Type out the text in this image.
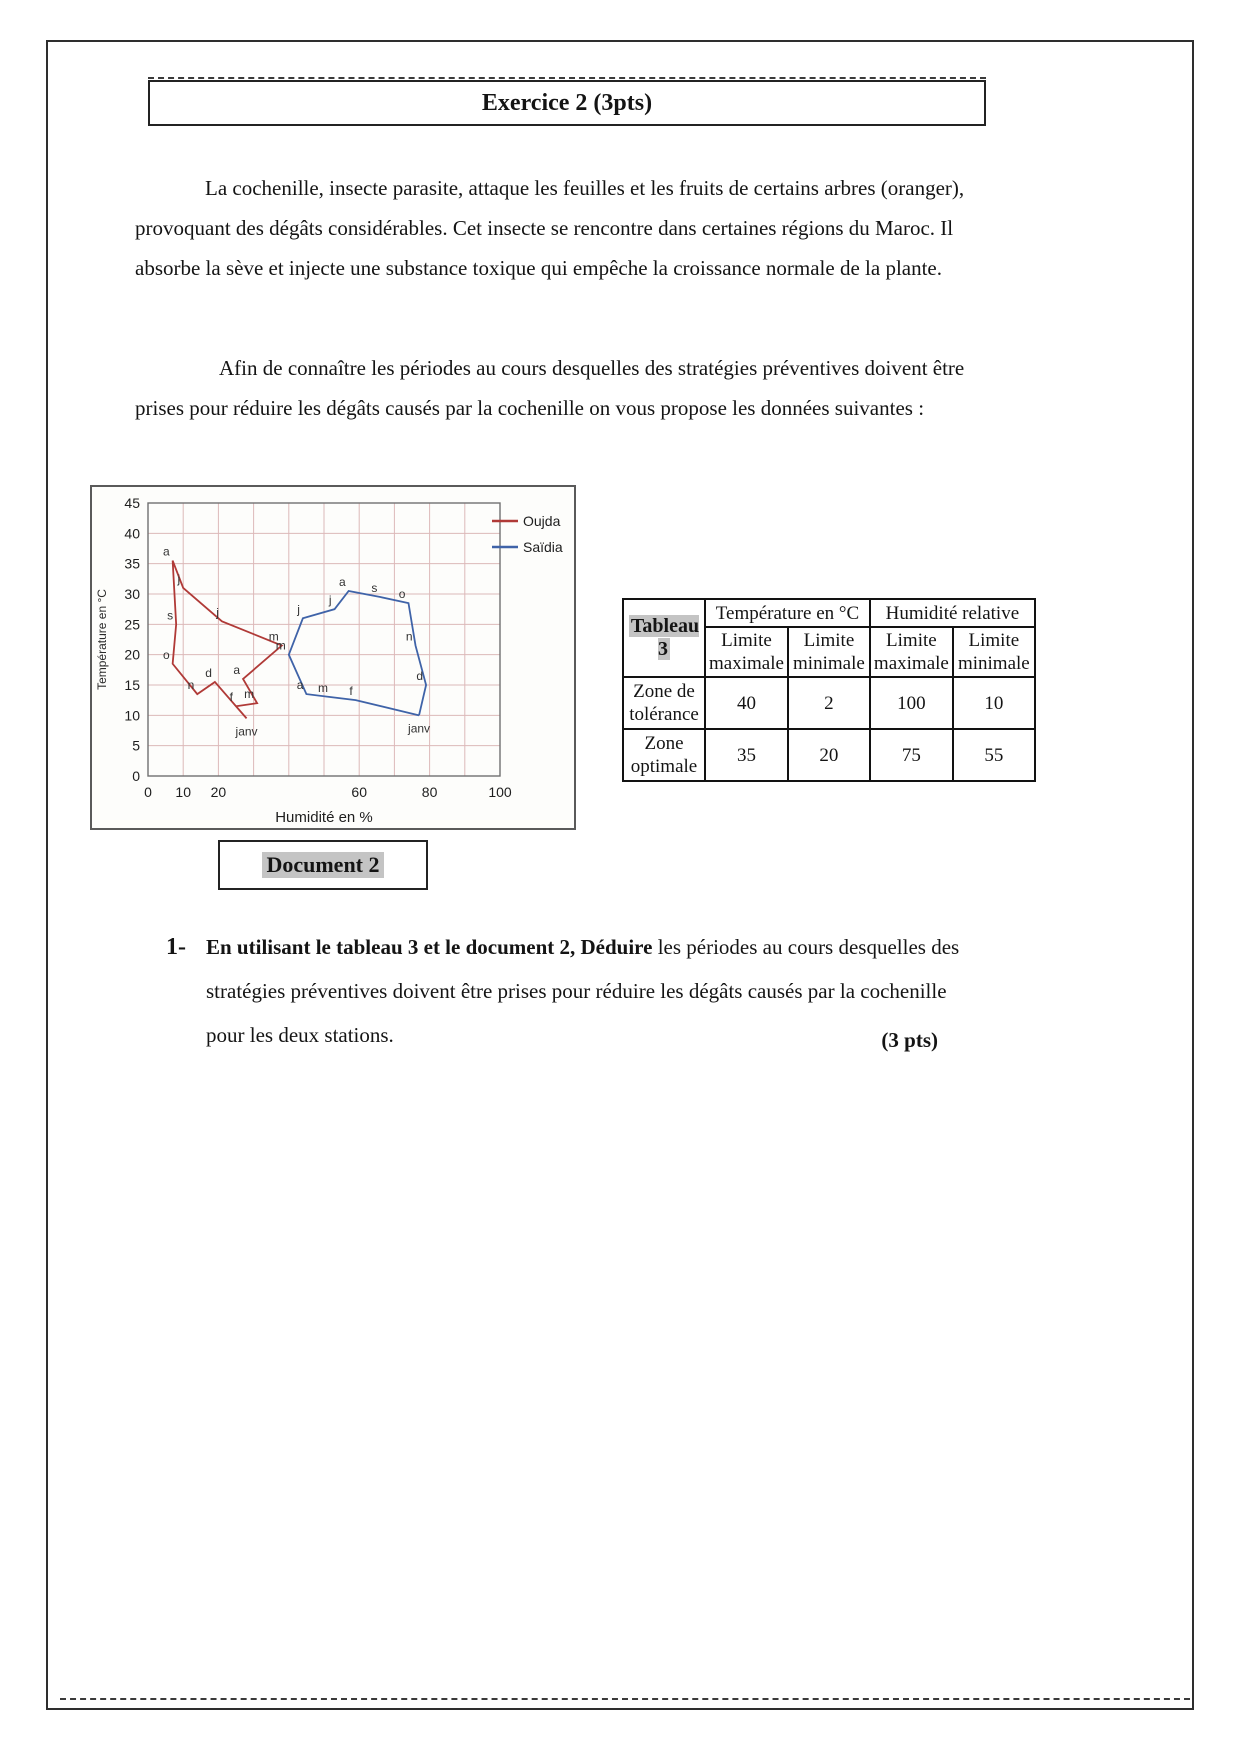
Exercice 2 (3pts)

La cochenille, insecte parasite, attaque les feuilles et les fruits de certains arbres (oranger), provoquant des dégâts considérables. Cet insecte se rencontre dans certaines régions du Maroc. Il absorbe la sève et injecte une substance toxique qui empêche la croissance normale de la plante.

Afin de connaître les périodes au cours desquelles des stratégies préventives doivent être prises pour réduire les dégâts causés par la cochenille on vous propose les données suivantes :

0
5
10
15
20
25
30
35
40
45
0 10 20	60	80	100
Humidité en %
Température en °C
janv
f m
a
m
j
j
a
s
o
n
d
Oujda
janv
f
m
a
m
j
j
a s o
n
d
Saïdia
Tableau 3	Température en °C		Humidité relative	
	Limite maximale	Limite minimale	Limite maximale	Limite minimale
Zone de tolérance	40	2	100	10
Zone optimale	35	20	75	55
Document 2
1- En utilisant le tableau 3 et le document 2, Déduire les périodes au cours desquelles des stratégies préventives doivent être prises pour réduire les dégâts causés par la cochenille pour les deux stations.	(3 pts)
